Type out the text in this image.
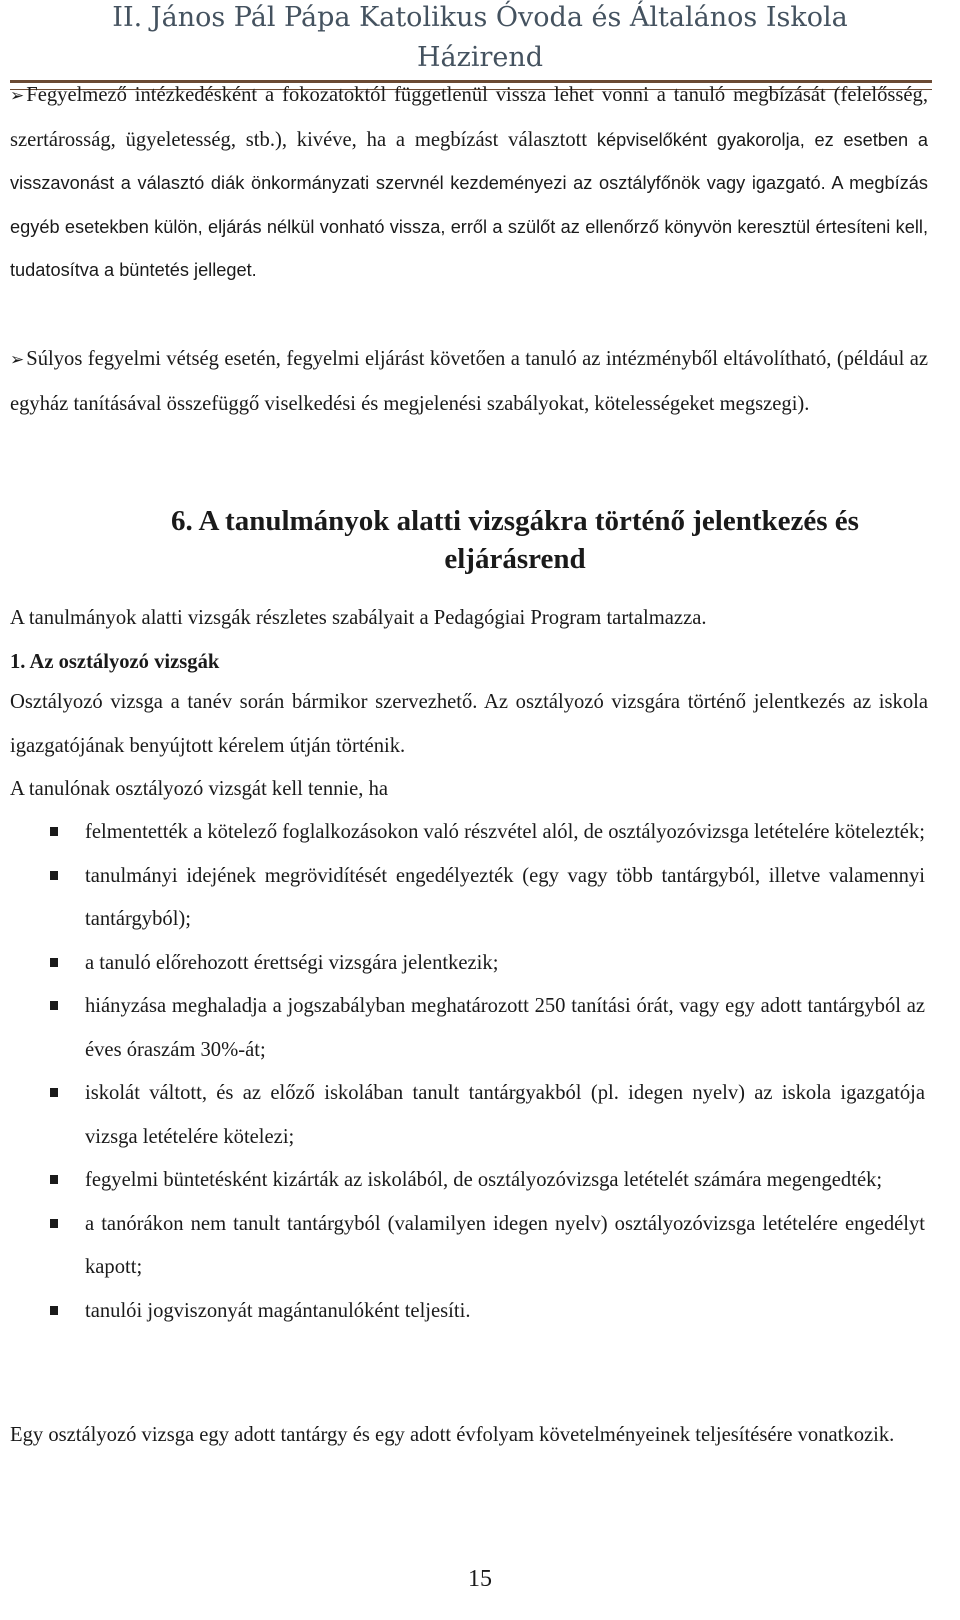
II. János Pál Pápa Katolikus Óvoda és Általános Iskola
Házirend

➢Fegyelmező intézkedésként a fokozatoktól függetlenül vissza lehet vonni a tanuló megbízását (felelősség, szertárosság, ügyeletesség, stb.), kivéve, ha a megbízást választott képviselőként gyakorolja, ez esetben a visszavonást a választó diák önkormányzati szervnél kezdeményezi az osztályfőnök vagy igazgató. A megbízás egyéb esetekben külön, eljárás nélkül vonható vissza, erről a szülőt az ellenőrző könyvön keresztül értesíteni kell, tudatosítva a büntetés jelleget.

➢Súlyos fegyelmi vétség esetén, fegyelmi eljárást követően a tanuló az intézményből eltávolítható, (például az egyház tanításával összefüggő viselkedési és megjelenési szabályokat, kötelességeket megszegi).

6. A tanulmányok alatti vizsgákra történő jelentkezés és eljárásrend

A tanulmányok alatti vizsgák részletes szabályait a Pedagógiai Program tartalmazza.

1. Az osztályozó vizsgák

Osztályozó vizsga a tanév során bármikor szervezhető. Az osztályozó vizsgára történő jelentkezés az iskola igazgatójának benyújtott kérelem útján történik.

A tanulónak osztályozó vizsgát kell tennie, ha

felmentették a kötelező foglalkozásokon való részvétel alól, de osztályozóvizsga letételére kötelezték;
tanulmányi idejének megrövidítését engedélyezték (egy vagy több tantárgyból, illetve valamennyi tantárgyból);
a tanuló előrehozott érettségi vizsgára jelentkezik;
hiányzása meghaladja a jogszabályban meghatározott 250 tanítási órát, vagy egy adott tantárgyból az éves óraszám 30%-át;
iskolát váltott, és az előző iskolában tanult tantárgyakból (pl. idegen nyelv) az iskola igazgatója vizsga letételére kötelezi;
fegyelmi büntetésként kizárták az iskolából, de osztályozóvizsga letételét számára megengedték;
a tanórákon nem tanult tantárgyból (valamilyen idegen nyelv) osztályozóvizsga letételére engedélyt kapott;
tanulói jogviszonyát magántanulóként teljesíti.

Egy osztályozó vizsga egy adott tantárgy és egy adott évfolyam követelményeinek teljesítésére vonatkozik.

15
